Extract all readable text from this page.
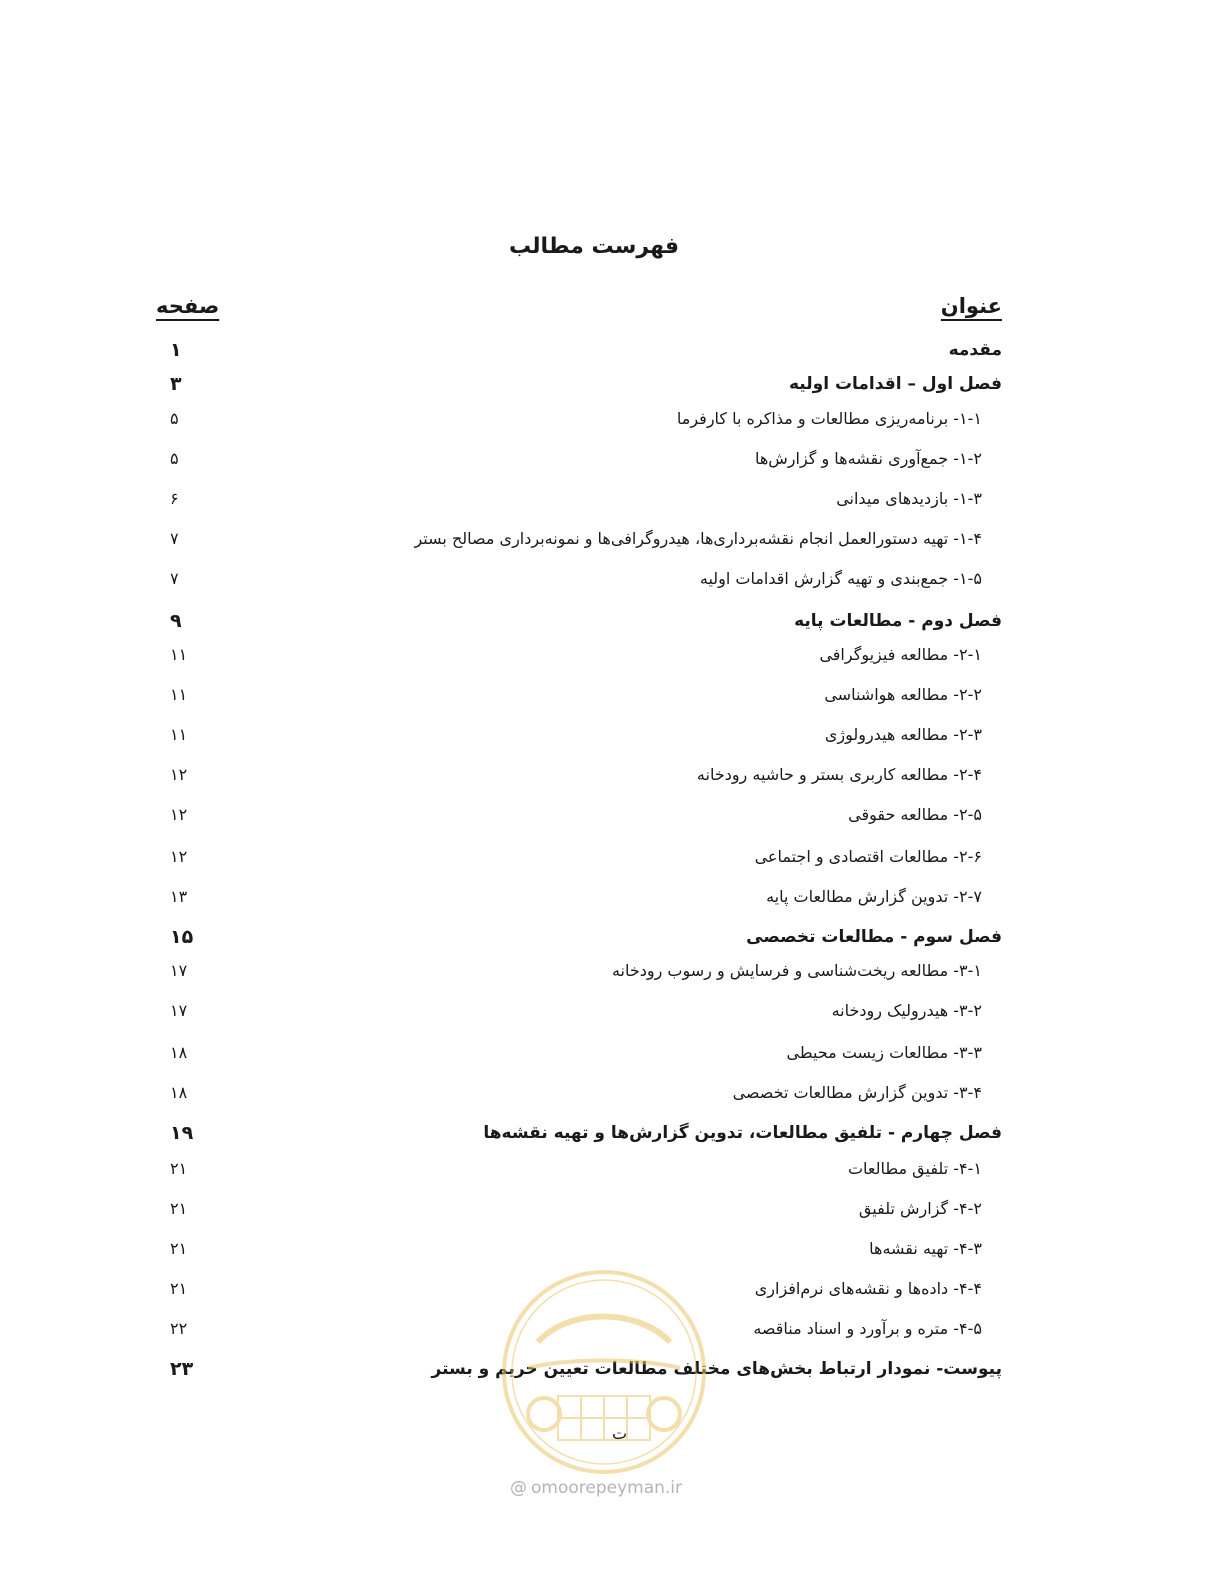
فهرست مطالب
عنوان
صفحه
مقدمه
۱
فصل اول – اقدامات اولیه
۳
۱-۱- برنامه‌ریزی مطالعات و مذاکره با کارفرما
۵
۱-۲- جمع‌آوری نقشه‌ها و گزارش‌ها
۵
۱-۳- بازدیدهای میدانی
۶
۱-۴- تهیه دستورالعمل انجام نقشه‌برداری‌ها، هیدروگرافی‌ها و نمونه‌برداری مصالح بستر
۷
۱-۵- جمع‌بندی و تهیه گزارش اقدامات اولیه
۷
فصل دوم - مطالعات پایه
۹
۲-۱- مطالعه فیزیوگرافی
۱۱
۲-۲- مطالعه هواشناسی
۱۱
۲-۳- مطالعه هیدرولوژی
۱۱
۲-۴- مطالعه کاربری بستر و حاشیه رودخانه
۱۲
۲-۵- مطالعه حقوقی
۱۲
۲-۶- مطالعات اقتصادی و اجتماعی
۱۲
۲-۷- تدوین گزارش مطالعات پایه
۱۳
فصل سوم - مطالعات تخصصی
۱۵
۳-۱- مطالعه ریخت‌شناسی و فرسایش و رسوب رودخانه
۱۷
۳-۲- هیدرولیک رودخانه
۱۷
۳-۳- مطالعات زیست محیطی
۱۸
۳-۴- تدوین گزارش مطالعات تخصصی
۱۸
فصل چهارم - تلفیق مطالعات، تدوین گزارش‌ها و تهیه نقشه‌ها
۱۹
۴-۱- تلفیق مطالعات
۲۱
۴-۲- گزارش تلفیق
۲۱
۴-۳- تهیه نقشه‌ها
۲۱
۴-۴- داده‌ها و نقشه‌های نرم‌افزاری
۲۱
۴-۵- متره و برآورد و اسناد مناقصه
۲۲
پیوست- نمودار ارتباط بخش‌های مختلف مطالعات تعیین حریم و بستر
۲۳
ت
@ omoorepeyman.ir
